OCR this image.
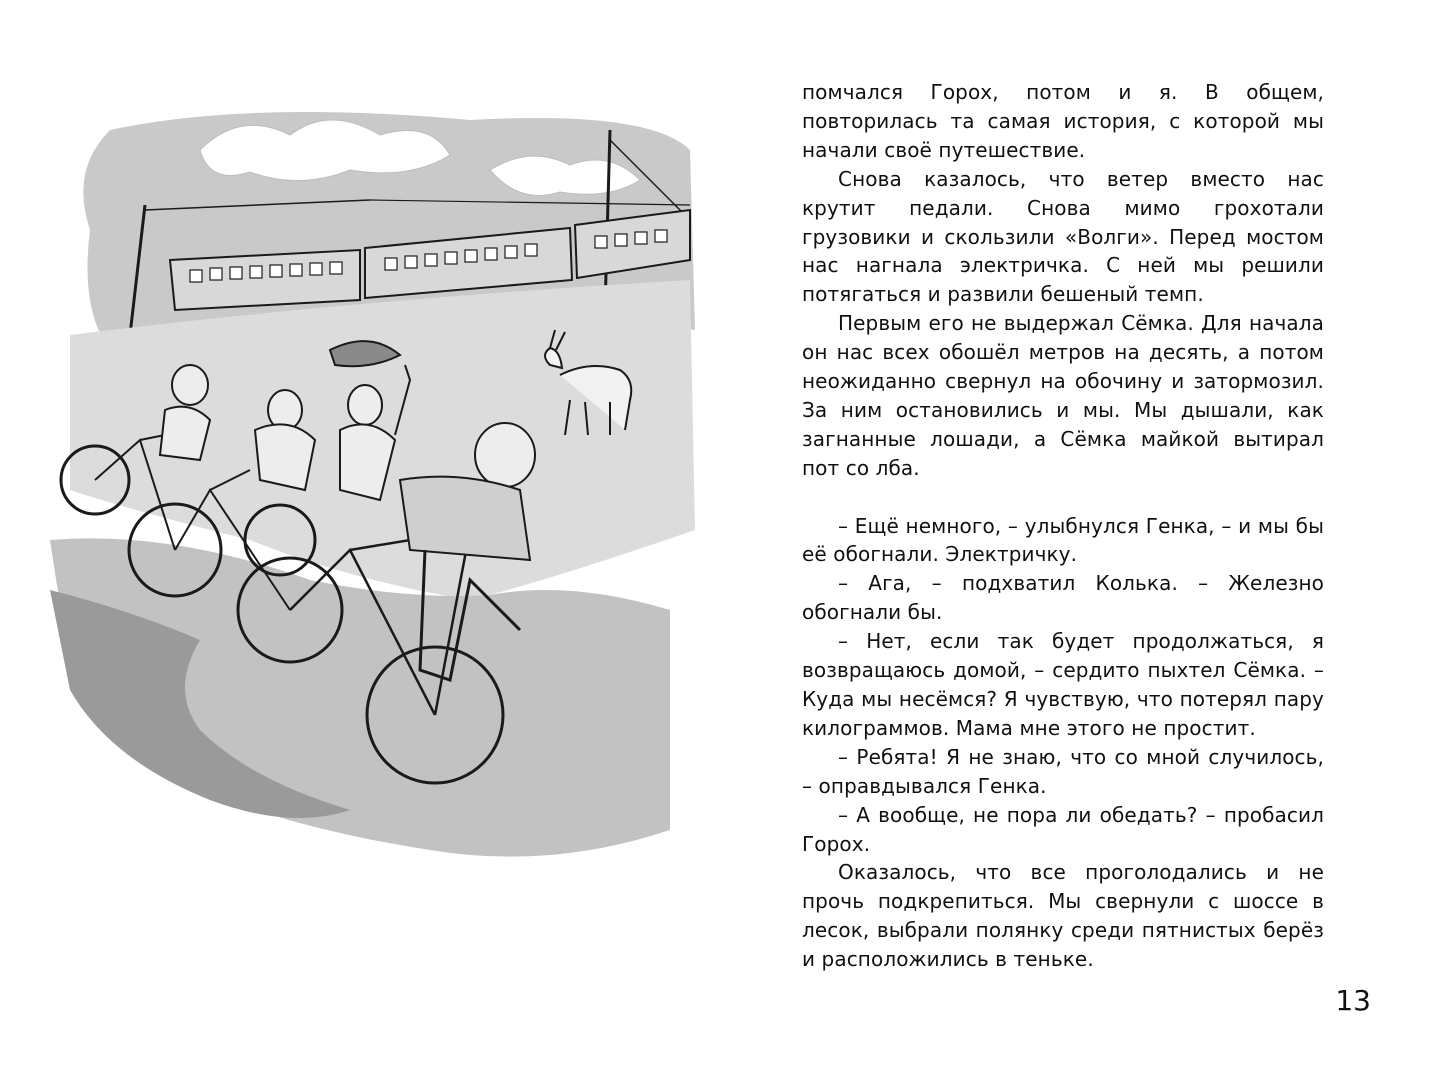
помчался Горох, потом и я. В общем, повторилась та самая история, с которой мы начали своё путешествие.

Снова казалось, что ветер вместо нас крутит педали. Снова мимо грохотали грузовики и скользили «Волги». Перед мостом нас нагнала электричка. С ней мы решили потягаться и развили бешеный темп.

Первым его не выдержал Сёмка. Для начала он нас всех обошёл метров на десять, а потом неожиданно свернул на обочину и затормозил. За ним остановились и мы. Мы дышали, как загнанные лошади, а Сёмка майкой вытирал пот со лба.

– Ещё немного, – улыбнулся Генка, – и мы бы её обогнали. Электричку.

– Ага, – подхватил Колька. – Железно обогнали бы.

– Нет, если так будет продолжаться, я возвращаюсь домой, – сердито пыхтел Сёмка. – Куда мы несёмся? Я чувствую, что потерял пару килограммов. Мама мне этого не простит.

– Ребята! Я не знаю, что со мной случилось, – оправдывался Генка.

– А вообще, не пора ли обедать? – пробасил Горох.

Оказалось, что все проголодались и не прочь подкрепиться. Мы свернули с шоссе в лесок, выбрали полянку среди пятнистых берёз и расположились в теньке.

13
